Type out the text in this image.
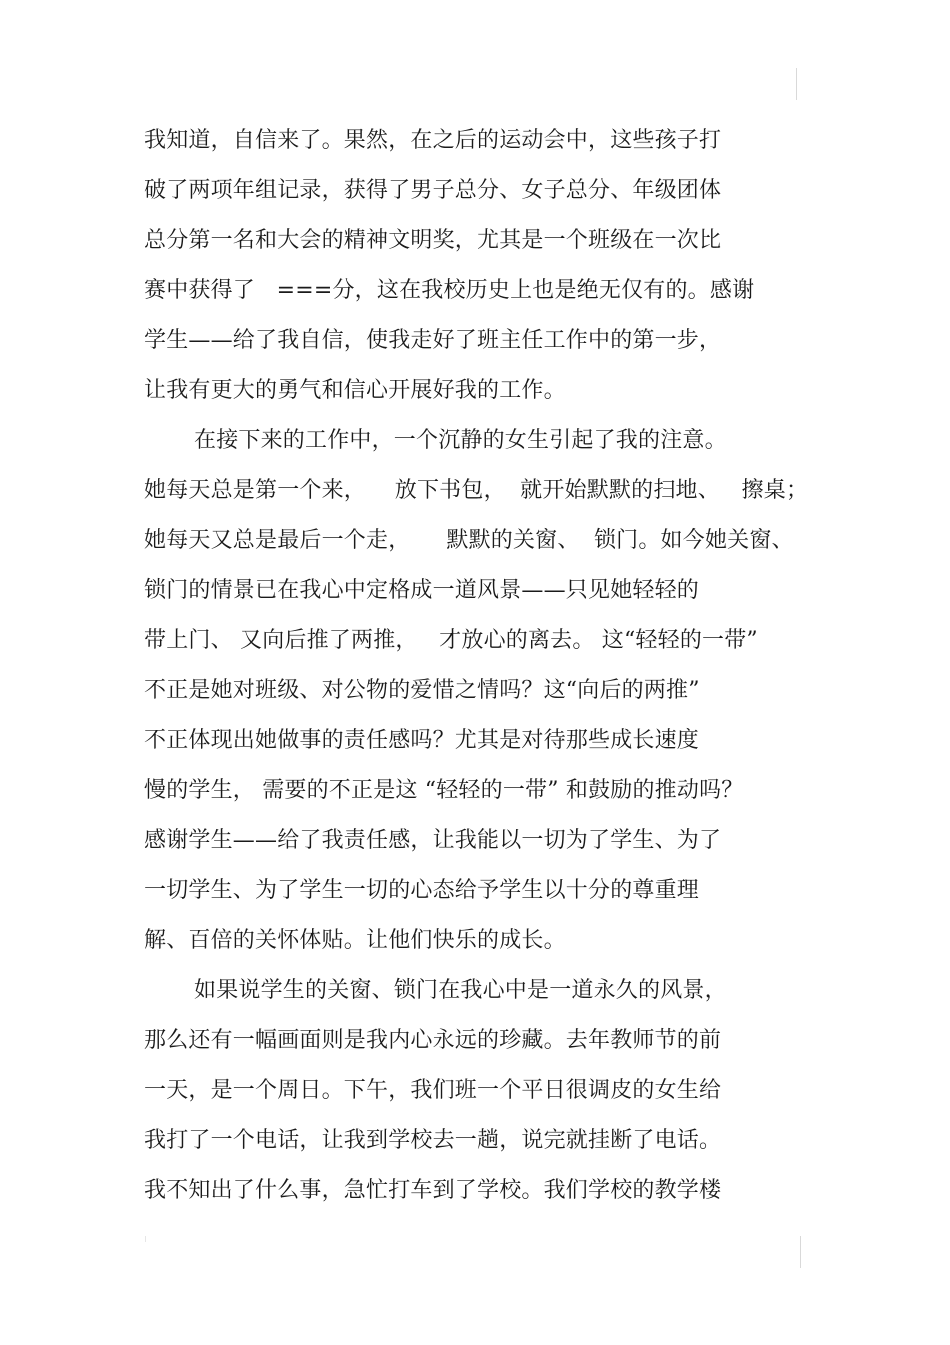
我知道，自信来了。果然，在之后的运动会中，这些孩子打
破了两项年组记录，获得了男子总分、女子总分、年级团体
总分第一名和大会的精神文明奖，尤其是一个班级在一次比
赛中获得了   ===分，这在我校历史上也是绝无仅有的。感谢
学生——给了我自信，使我走好了班主任工作中的第一步，
让我有更大的勇气和信心开展好我的工作。
在接下来的工作中，一个沉静的女生引起了我的注意。
她每天总是第一个来，    放下书包，  就开始默默的扫地、   擦桌；
她每天又总是最后一个走，     默默的关窗、  锁门。如今她关窗、
锁门的情景已在我心中定格成一道风景——只见她轻轻的
带上门、 又向后推了两推，   才放心的离去。 这“轻轻的一带”
不正是她对班级、对公物的爱惜之情吗？这“向后的两推”
不正体现出她做事的责任感吗？尤其是对待那些成长速度
慢的学生， 需要的不正是这 “轻轻的一带” 和鼓励的推动吗？
感谢学生——给了我责任感，让我能以一切为了学生、为了
一切学生、为了学生一切的心态给予学生以十分的尊重理
解、百倍的关怀体贴。让他们快乐的成长。
如果说学生的关窗、锁门在我心中是一道永久的风景，
那么还有一幅画面则是我内心永远的珍藏。去年教师节的前
一天，是一个周日。下午，我们班一个平日很调皮的女生给
我打了一个电话，让我到学校去一趟，说完就挂断了电话。
我不知出了什么事，急忙打车到了学校。我们学校的教学楼
